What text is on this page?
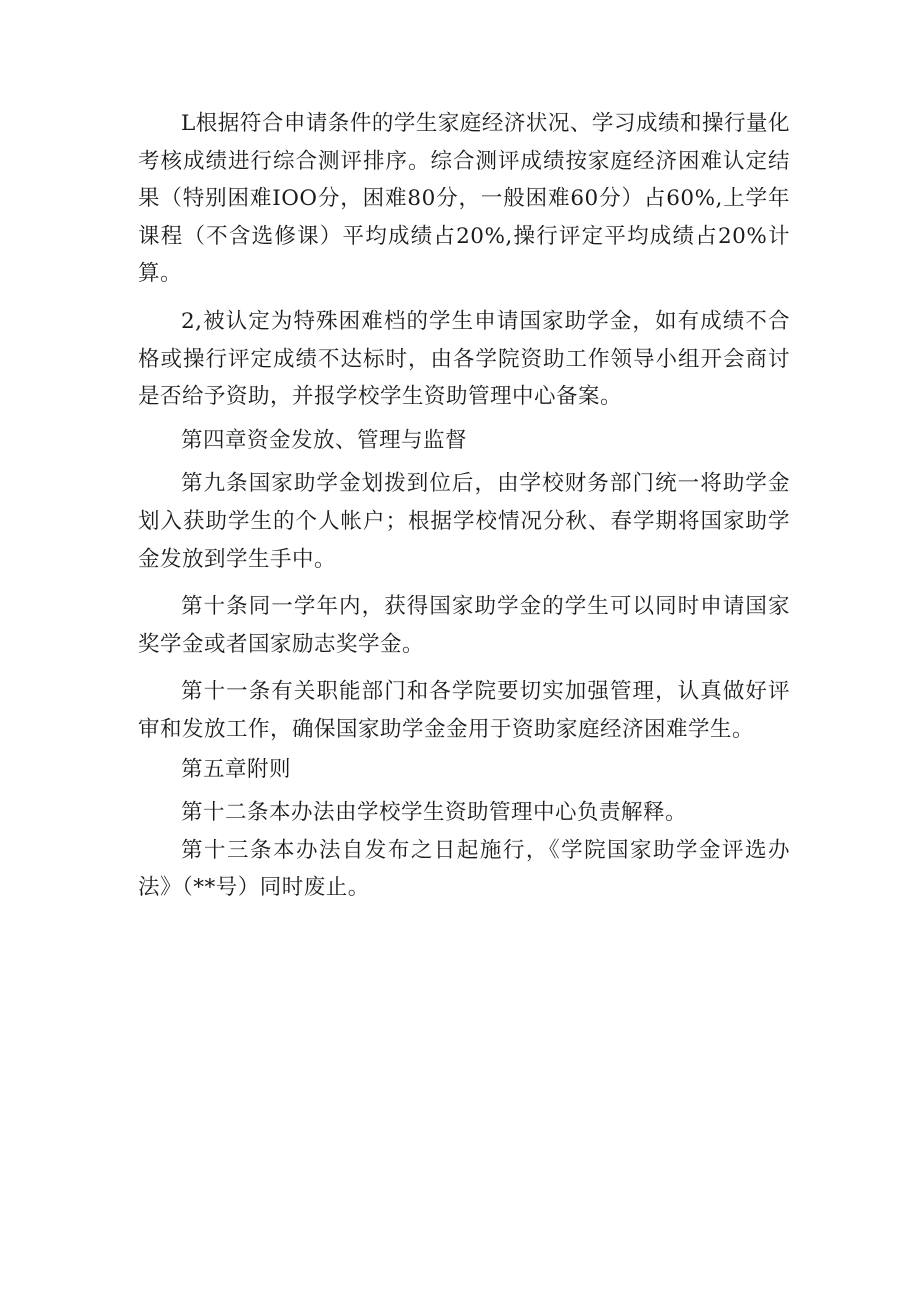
L根据符合申请条件的学生家庭经济状况、学习成绩和操行量化考核成绩进行综合测评排序。综合测评成绩按家庭经济困难认定结果（特别困难IOO分，困难80分，一般困难60分）占60%,上学年课程（不含选修课）平均成绩占20%,操行评定平均成绩占20%计算。

2,被认定为特殊困难档的学生申请国家助学金，如有成绩不合格或操行评定成绩不达标时，由各学院资助工作领导小组开会商讨是否给予资助，并报学校学生资助管理中心备案。

第四章资金发放、管理与监督

第九条国家助学金划拨到位后，由学校财务部门统一将助学金划入获助学生的个人帐户；根据学校情况分秋、春学期将国家助学金发放到学生手中。

第十条同一学年内，获得国家助学金的学生可以同时申请国家奖学金或者国家励志奖学金。

第十一条有关职能部门和各学院要切实加强管理，认真做好评审和发放工作，确保国家助学金金用于资助家庭经济困难学生。

第五章附则

第十二条本办法由学校学生资助管理中心负责解释。

第十三条本办法自发布之日起施行，《学院国家助学金评选办法》（**号）同时废止。
